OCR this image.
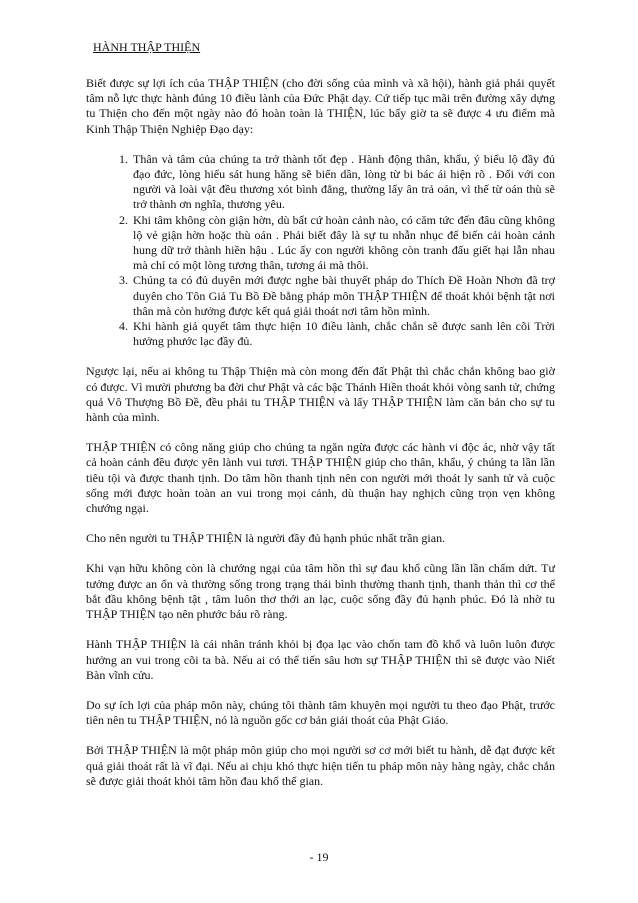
HÀNH THẬP THIỆN

Biết được sự lợi ích của THẬP THIỆN (cho đời sống của mình và xã hội), hành giả phải quyết tâm nỗ lực thực hành đúng 10 điều lành của Đức Phật dạy. Cứ tiếp tục mãi trên đường xây dựng tu Thiện cho đến một ngày nào đó hoàn toàn là THIỆN, lúc bấy giờ ta sẽ được 4 ưu điểm mà Kinh Thập Thiện Nghiệp Đạo dạy:

1. Thân và tâm của chúng ta trở thành tốt đẹp . Hành động thân, khẩu, ý biểu lộ đầy đủ đạo đức, lòng hiếu sát hung hăng sẽ biến dần, lòng từ bi bác ái hiện rõ . Đối với con người và loài vật đều thương xót bình đẳng, thường lấy ân trả oán, vì thế từ oán thù sẽ trở thành ơn nghĩa, thương yêu.
2. Khi tâm không còn giận hờn, dù bất cứ hoàn cảnh nào, có căm tức đến đâu cũng không lộ vẻ giận hờn hoặc thù oán . Phải biết đây là sự tu nhẫn nhục để biến cải hoàn cảnh hung dữ trở thành hiền hậu . Lúc ấy con người không còn tranh đấu giết hại lẫn nhau mà chỉ có một lòng tương thân, tương ái mà thôi.
3. Chúng ta có đủ duyên mới được nghe bài thuyết pháp do Thích Đề Hoàn Nhơn đã trợ duyên cho Tôn Giả Tu Bồ Đề bằng pháp môn THẬP THIỆN để thoát khỏi bệnh tật nơi thân mà còn hưởng được kết quả giải thoát nơi tâm hồn mình.
4. Khi hành giả quyết tâm thực hiện 10 điều lành, chắc chắn sẽ được sanh lên cõi Trời hưởng phước lạc đầy đủ.

Ngược lại, nếu ai không tu Thập Thiện mà còn mong đến đất Phật thì chắc chắn không bao giờ có được. Vì mười phương ba đời chư Phật và các bậc Thánh Hiền thoát khỏi vòng sanh tử, chứng quả Vô Thượng Bồ Đề, đều phải tu THẬP THIỆN và lấy THẬP THIỆN làm căn bản cho sự tu hành của mình.

THẬP THIỆN có công năng giúp cho chúng ta ngăn ngừa được các hành vi độc ác, nhờ vậy tất cả hoàn cảnh đều được yên lành vui tươi. THẬP THIỆN giúp cho thân, khẩu, ý chúng ta lần lần tiêu tội và được thanh tịnh. Do tâm hồn thanh tịnh nên con người mới thoát ly sanh tử và cuộc sống mới được hoàn toàn an vui trong mọi cảnh, dù thuận hay nghịch cũng trọn vẹn không chướng ngại.

Cho nên người tu THẬP THIỆN là người đầy đủ hạnh phúc nhất trần gian.

Khi vạn hữu không còn là chướng ngại của tâm hồn thì sự đau khổ cũng lần lần chấm dứt. Tư tưởng được an ổn và thường sống trong trạng thái bình thường thanh tịnh, thanh thản thì cơ thể bắt đầu không bệnh tật , tâm luôn thơ thới an lạc, cuộc sống đầy đủ hạnh phúc. Đó là nhờ tu THẬP THIỆN tạo nên phước báu rõ ràng.

Hành THẬP THIỆN là cái nhân tránh khỏi bị đọa lạc vào chốn tam đồ khổ và luôn luôn được hưởng an vui trong cõi ta bà. Nếu ai có thể tiến sâu hơn sự THẬP THIỆN thì sẽ được vào Niết Bàn vĩnh cửu.

Do sự ích lợi của pháp môn này, chúng tôi thành tâm khuyên mọi người tu theo đạo Phật, trước tiên nên tu THẬP THIỆN, nó là nguồn gốc cơ bản giải thoát của Phật Giáo.

Bởi THẬP THIỆN là một pháp môn giúp cho mọi người sơ cơ mới biết tu hành, dễ đạt được kết quả giải thoát rất là vĩ đại. Nếu ai chịu khó thực hiện tiến tu pháp môn này hàng ngày, chắc chắn sẽ được giải thoát khỏi tâm hồn đau khổ thế gian.

- 19
